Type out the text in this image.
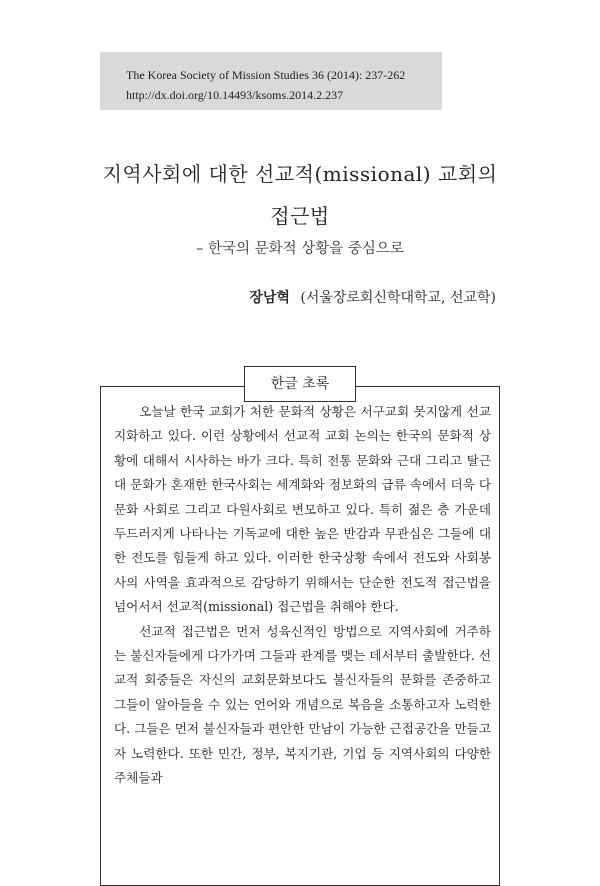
The Korea Society of Mission Studies 36 (2014): 237-262
http://dx.doi.org/10.14493/ksoms.2014.2.237
지역사회에 대한 선교적(missional) 교회의
접근법
– 한국의 문화적 상황을 중심으로
장남혁 (서울장로회신학대학교, 선교학)
한글 초록

오늘날 한국 교회가 처한 문화적 상황은 서구교회 못지않게 선교지화하고 있다. 이런 상황에서 선교적 교회 논의는 한국의 문화적 상황에 대해서 시사하는 바가 크다. 특히 전통 문화와 근대 그리고 탈근대 문화가 혼재한 한국사회는 세계화와 정보화의 급류 속에서 더욱 다문화 사회로 그리고 다원사회로 변모하고 있다. 특히 젊은 층 가운데 두드러지게 나타나는 기독교에 대한 높은 반감과 무관심은 그들에 대한 전도를 힘들게 하고 있다. 이러한 한국상황 속에서 전도와 사회봉사의 사역을 효과적으로 감당하기 위해서는 단순한 전도적 접근법을 넘어서서 선교적(missional) 접근법을 취해야 한다.

선교적 접근법은 먼저 성육신적인 방법으로 지역사회에 거주하는 불신자들에게 다가가며 그들과 관계를 맺는 데서부터 출발한다. 선교적 회중들은 자신의 교회문화보다도 불신자들의 문화를 존중하고 그들이 알아들을 수 있는 언어와 개념으로 복음을 소통하고자 노력한다. 그들은 먼저 불신자들과 편안한 만남이 가능한 근접공간을 만들고자 노력한다. 또한 민간, 정부, 복지기관, 기업 등 지역사회의 다양한 주체들과
